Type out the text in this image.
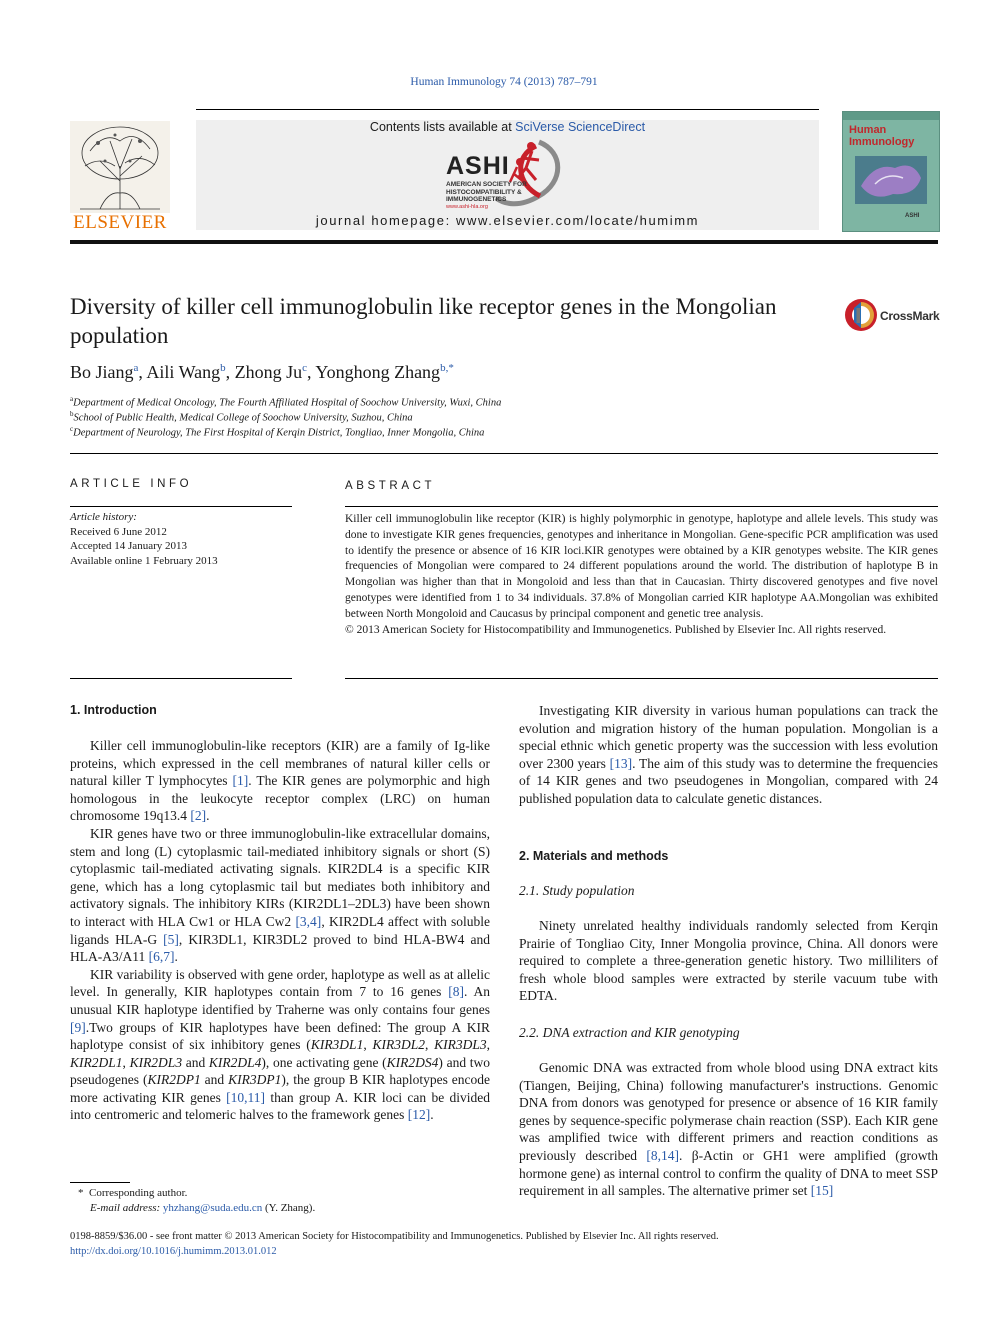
Human Immunology 74 (2013) 787–791
ELSEVIER
Contents lists available at SciVerse ScienceDirect
ASHI
AMERICAN SOCIETY FOR
HISTOCOMPATIBILITY &
IMMUNOGENETICS
www.ashi-hla.org
journal homepage: www.elsevier.com/locate/humimm
Human Immunology
ASHI
Diversity of killer cell immunoglobulin like receptor genes in the Mongolian population
CrossMark
Bo Jiang$^a$, Aili Wang$^b$, Zhong Ju$^c$, Yonghong Zhang$^{b,*}$
$^a$Department of Medical Oncology, The Fourth Affiliated Hospital of Soochow University, Wuxi, China
$^b$School of Public Health, Medical College of Soochow University, Suzhou, China
$^c$Department of Neurology, The First Hospital of Kerqin District, Tongliao, Inner Mongolia, China
ARTICLE INFO
Article history:
Received 6 June 2012
Accepted 14 January 2013
Available online 1 February 2013
ABSTRACT
Killer cell immunoglobulin like receptor (KIR) is highly polymorphic in genotype, haplotype and allele levels. This study was done to investigate KIR genes frequencies, genotypes and inheritance in Mongolian. Gene-specific PCR amplification was used to identify the presence or absence of 16 KIR loci.KIR genotypes were obtained by a KIR genotypes website. The KIR genes frequencies of Mongolian were compared to 24 different populations around the world. The distribution of haplotype B in Mongolian was higher than that in Mongoloid and less than that in Caucasian. Thirty discovered genotypes and five novel genotypes were identified from 1 to 34 individuals. 37.8% of Mongolian carried KIR haplotype AA.Mongolian was exhibited between North Mongoloid and Caucasus by principal component and genetic tree analysis.
© 2013 American Society for Histocompatibility and Immunogenetics. Published by Elsevier Inc. All rights reserved.
1. Introduction

Killer cell immunoglobulin-like receptors (KIR) are a family of Ig-like proteins, which expressed in the cell membranes of natural killer cells or natural killer T lymphocytes [1]. The KIR genes are polymorphic and high homologous in the leukocyte receptor complex (LRC) on human chromosome 19q13.4 [2].

KIR genes have two or three immunoglobulin-like extracellular domains, stem and long (L) cytoplasmic tail-mediated inhibitory signals or short (S) cytoplasmic tail-mediated activating signals. KIR2DL4 is a specific KIR gene, which has a long cytoplasmic tail but mediates both inhibitory and activatory signals. The inhibitory KIRs (KIR2DL1–2DL3) have been shown to interact with HLA Cw1 or HLA Cw2 [3,4], KIR2DL4 affect with soluble ligands HLA-G [5], KIR3DL1, KIR3DL2 proved to bind HLA-BW4 and HLA-A3/A11 [6,7].

KIR variability is observed with gene order, haplotype as well as at allelic level. In generally, KIR haplotypes contain from 7 to 16 genes [8]. An unusual KIR haplotype identified by Traherne was only contains four genes [9].Two groups of KIR haplotypes have been defined: The group A KIR haplotype consist of six inhibitory genes (KIR3DL1, KIR3DL2, KIR3DL3, KIR2DL1, KIR2DL3 and KIR2DL4), one activating gene (KIR2DS4) and two pseudogenes (KIR2DP1 and KIR3DP1), the group B KIR haplotypes encode more activating KIR genes [10,11] than group A. KIR loci can be divided into centromeric and telomeric halves to the framework genes [12].

* Corresponding author.
E-mail address: yhzhang@suda.edu.cn (Y. Zhang).

Investigating KIR diversity in various human populations can track the evolution and migration history of the human population. Mongolian is a special ethnic which genetic property was the succession with less evolution over 2300 years [13]. The aim of this study was to determine the frequencies of 14 KIR genes and two pseudogenes in Mongolian, compared with 24 published population data to calculate genetic distances.

2. Materials and methods
2.1. Study population

Ninety unrelated healthy individuals randomly selected from Kerqin Prairie of Tongliao City, Inner Mongolia province, China. All donors were required to complete a three-generation genetic history. Two milliliters of fresh whole blood samples were extracted by sterile vacuum tube with EDTA.

2.2. DNA extraction and KIR genotyping

Genomic DNA was extracted from whole blood using DNA extract kits (Tiangen, Beijing, China) following manufacturer's instructions. Genomic DNA from donors was genotyped for presence or absence of 16 KIR family genes by sequence-specific polymerase chain reaction (SSP). Each KIR gene was amplified twice with different primers and reaction conditions as previously described [8,14]. β-Actin or GH1 were amplified (growth hormone gene) as internal control to confirm the quality of DNA to meet SSP requirement in all samples. The alternative primer set [15]

0198-8859/$36.00 - see front matter © 2013 American Society for Histocompatibility and Immunogenetics. Published by Elsevier Inc. All rights reserved.
http://dx.doi.org/10.1016/j.humimm.2013.01.012
